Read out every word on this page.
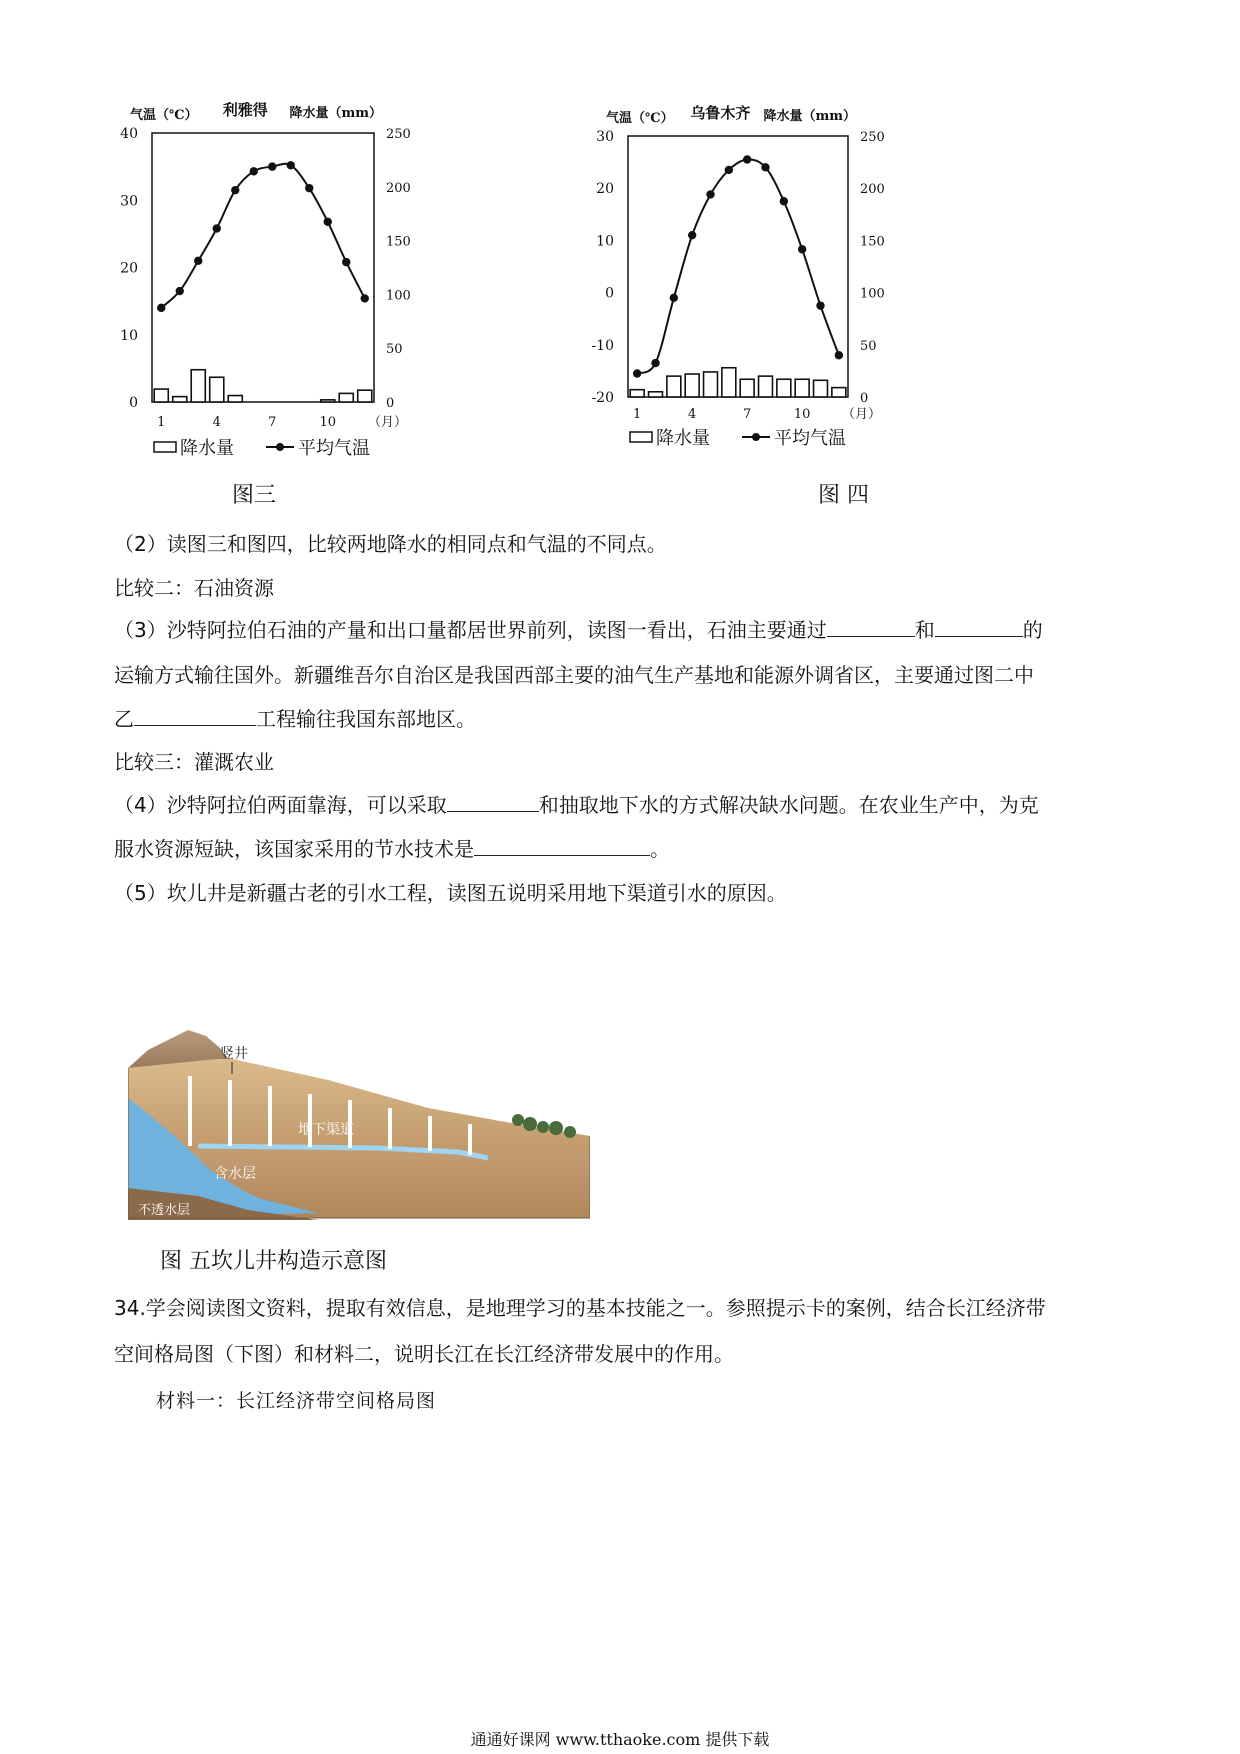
气温（℃） 利雅得 降水量（mm）
0
10
20
30
40
0
50
100
150
200
250
1	4	7	10 （月）
降水量	平均气温
图三
气温（℃） 乌鲁木齐 降水量（mm）
-20
-10
0
10
20
30
0
50
100
150
200
250
1	4	7	10 （月）
降水量	平均气温
图 四
（2）读图三和图四，比较两地降水的相同点和气温的不同点。
比较二：石油资源
（3）沙特阿拉伯石油的产量和出口量都居世界前列，读图一看出，石油主要通过	和	的
运输方式输往国外。新疆维吾尔自治区是我国西部主要的油气生产基地和能源外调省区，主要通过图二中
乙	工程输往我国东部地区。
比较三：灌溉农业
（4）沙特阿拉伯两面靠海，可以采取	和抽取地下水的方式解决缺水问题。在农业生产中，为克
服水资源短缺，该国家采用的节水技术是	。
（5）坎儿井是新疆古老的引水工程，读图五说明采用地下渠道引水的原因。
竖井
地下渠道
含水层
不透水层
图 五坎儿井构造示意图
34.学会阅读图文资料，提取有效信息，是地理学习的基本技能之一。参照提示卡的案例，结合长江经济带
空间格局图（下图）和材料二，说明长江在长江经济带发展中的作用。
材料一：长江经济带空间格局图
通通好课网 www.tthaoke.com 提供下载
